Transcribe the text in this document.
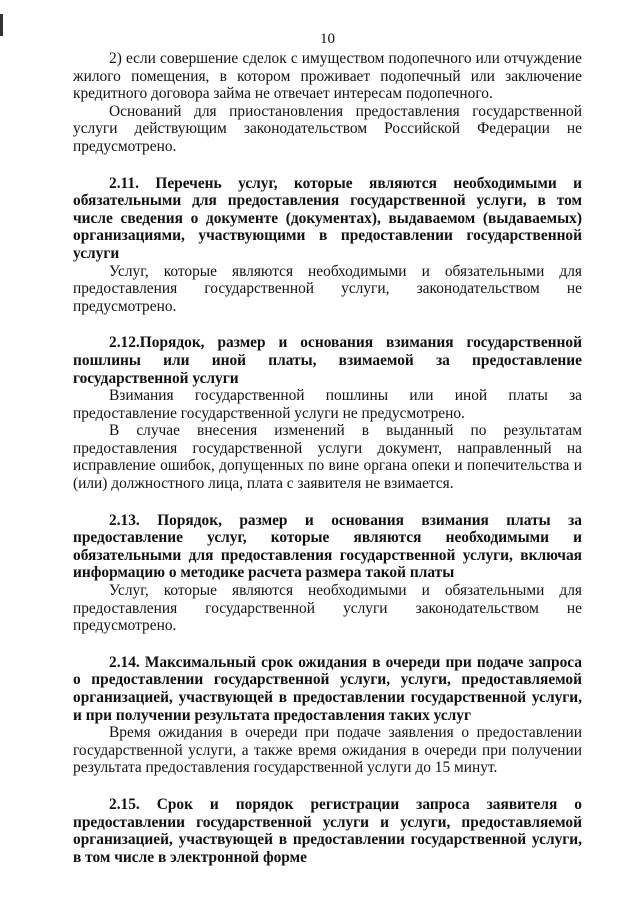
10

2) если совершение сделок с имуществом подопечного или отчуждение жилого помещения, в котором проживает подопечный или заключение кредитного договора займа не отвечает интересам подопечного.

Оснований для приостановления предоставления государственной услуги действующим законодательством Российской Федерации не предусмотрено.

2.11. Перечень услуг, которые являются необходимыми и обязательными для предоставления государственной услуги, в том числе сведения о документе (документах), выдаваемом (выдаваемых) организациями, участвующими в предоставлении государственной услуги

Услуг, которые являются необходимыми и обязательными для предоставления государственной услуги, законодательством не предусмотрено.

2.12.Порядок, размер и основания взимания государственной пошлины или иной платы, взимаемой за предоставление государственной услуги

Взимания государственной пошлины или иной платы за предоставление государственной услуги не предусмотрено.

В случае внесения изменений в выданный по результатам предоставления государственной услуги документ, направленный на исправление ошибок, допущенных по вине органа опеки и попечительства и (или) должностного лица, плата с заявителя не взимается.

2.13. Порядок, размер и основания взимания платы за предоставление услуг, которые являются необходимыми и обязательными для предоставления государственной услуги, включая информацию о методике расчета размера такой платы

Услуг, которые являются необходимыми и обязательными для предоставления государственной услуги законодательством не предусмотрено.

2.14. Максимальный срок ожидания в очереди при подаче запроса о предоставлении государственной услуги, услуги, предоставляемой организацией, участвующей в предоставлении государственной услуги, и при получении результата предоставления таких услуг

Время ожидания в очереди при подаче заявления о предоставлении государственной услуги, а также время ожидания в очереди при получении результата предоставления государственной услуги до 15 минут.

2.15. Срок и порядок регистрации запроса заявителя о предоставлении государственной услуги и услуги, предоставляемой организацией, участвующей в предоставлении государственной услуги, в том числе в электронной форме
